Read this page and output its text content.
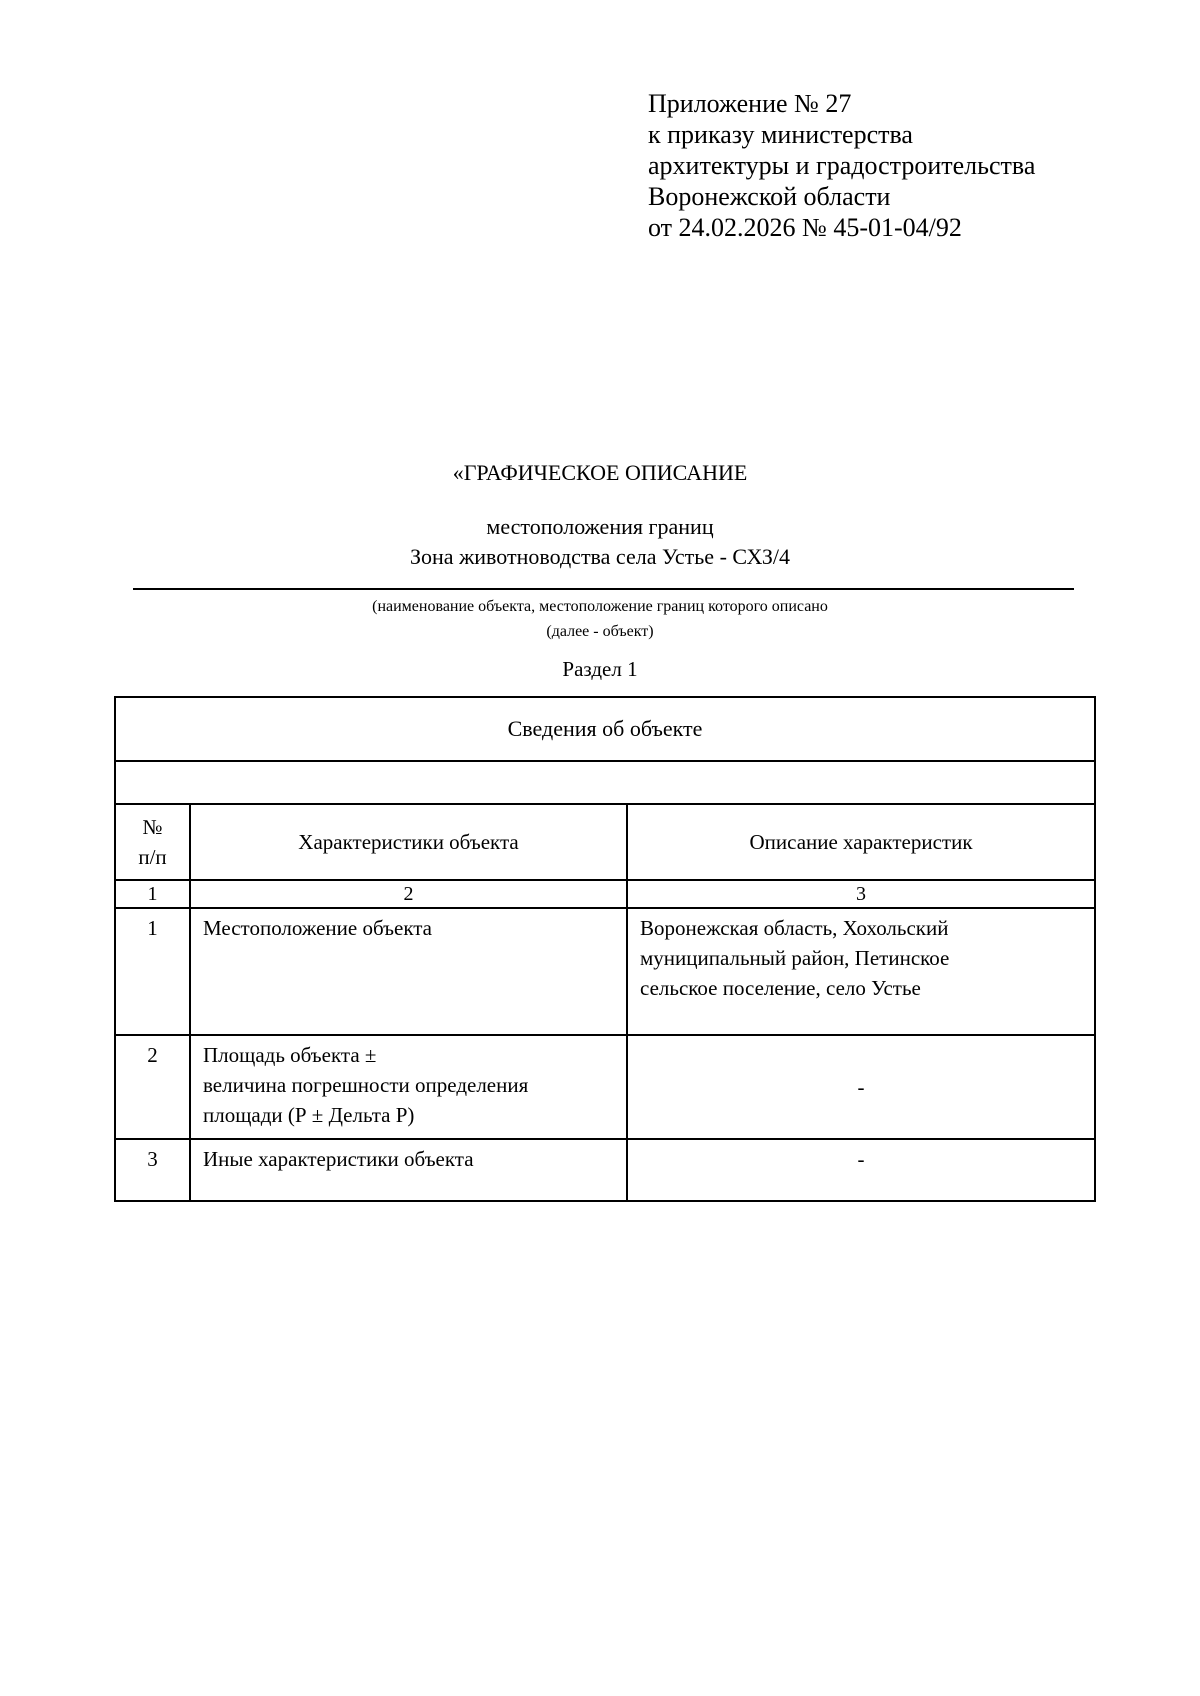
Приложение № 27
к приказу министерства
архитектуры и градостроительства
Воронежской области
от 24.02.2026 № 45-01-04/92
«ГРАФИЧЕСКОЕ ОПИСАНИЕ
местоположения границ
Зона животноводства села Устье - СХЗ/4
(наименование объекта, местоположение границ которого описано
(далее - объект)
Раздел 1
Сведения об объекте		

№
п/п	Характеристики объекта	Описание характеристик
1	2	3
1	Местоположение объекта	Воронежская область, Хохольский
муниципальный район, Петинское
сельское поселение, село Устье

2	Площадь объекта ±
величина погрешности определения
площади (Р ± Дельта Р)	-
3	Иные характеристики объекта	-
